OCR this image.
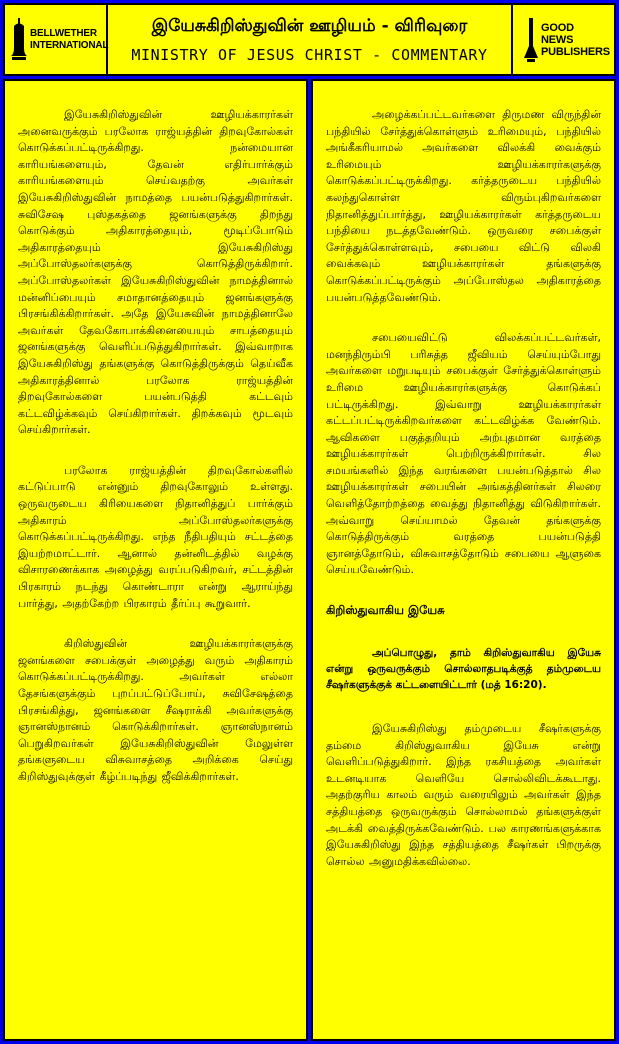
BELLWETHER INTERNATIONAL
இயேசுகிறிஸ்துவின் ஊழியம் - விரிவுரை
MINISTRY OF JESUS CHRIST - COMMENTARY
GOOD NEWS PUBLISHERS

இயேசுகிறிஸ்துவின் ஊழியக்காரர்கள் அனைவருக்கும் பரலோக ராஜ்யத்தின் திறவுகோல்கள் கொடுக்கப்பட்டிருக்கிறது. நன்மையான காரியங்களையும், தேவன் எதிர்பார்க்கும் காரியங்களையும் செய்வதற்கு அவர்கள் இயேசுகிறிஸ்துவின் நாமத்தை பயன்படுத்துகிறார்கள். சுவிசேஷ புஸ்தகத்தை ஜனங்களுக்கு திறந்து கொடுக்கும் அதிகாரத்தையும், மூடிப்போடும் அதிகாரத்தையும் இயேசுகிறிஸ்து அப்போஸ்தலர்களுக்கு கொடுத்திருக்கிறார். அப்போஸ்தலர்கள் இயேசுகிறிஸ்துவின் நாமத்தினால் மன்னிப்பையும் சமாதானத்தையும் ஜனங்களுக்கு பிரசங்கிக்கிறார்கள். அதே இயேசுவின் நாமத்தினாலே அவர்கள் தேவகோபாக்கினையையும் சாபத்தையும் ஜனங்களுக்கு வெளிப்படுத்துகிறார்கள். இவ்வாறாக இயேசுகிறிஸ்து தங்களுக்கு கொடுத்திருக்கும் தெய்வீக அதிகாரத்தினால் பரலோக ராஜ்யத்தின் திறவுகோல்களை பயன்படுத்தி கட்டவும் கட்டவிழ்க்கவும் செய்கிறார்கள். திறக்கவும் மூடவும் செய்கிறார்கள்.

பரலோக ராஜ்யத்தின் திறவுகோல்களில் கட்டுப்பாடு என்னும் திறவுகோலும் உள்ளது. ஒருவருடைய கிரியைகளை நிதானித்துப் பார்க்கும் அதிகாரம் அப்போஸ்தலர்களுக்கு கொடுக்கப்பட்டிருக்கிறது. எந்த நீதிபதியும் சட்டத்தை இயற்றமாட்டார். ஆனால் தன்னிடத்தில் வழக்கு விசாரணைக்காக அழைத்து வரப்படுகிறவர், சட்டத்தின் பிரகாரம் நடந்து கொண்டாரா என்று ஆராய்ந்து பார்த்து, அதற்கேற்ற பிரகாரம் தீர்ப்பு கூறுவார்.

கிறிஸ்துவின் ஊழியக்காரர்களுக்கு ஜனங்களை சபைக்குள் அழைத்து வரும் அதிகாரம் கொடுக்கப்பட்டிருக்கிறது. அவர்கள் எல்லா தேசங்களுக்கும் புறப்பட்டுப்போய், சுவிசேஷத்தை பிரசங்கித்து, ஜனங்களை சீஷராக்கி அவர்களுக்கு ஞானஸ்நானம் கொடுக்கிறார்கள். ஞானஸ்நானம் பெறுகிறவர்கள் இயேசுகிறிஸ்துவின் மேலுள்ள தங்களுடைய விசுவாசத்தை அறிக்கை செய்து கிறிஸ்துவுக்குள் கீழ்ப்படிந்து ஜீவிக்கிறார்கள்.

அழைக்கப்பட்டவர்களை திருமண விருந்தின் பந்தியில் சேர்த்துக்கொள்ளும் உரிமையும், பந்தியில் அங்கீகரியாமல் அவர்களை விலக்கி வைக்கும் உரிமையும் ஊழியக்காரர்களுக்கு கொடுக்கப்பட்டிருக்கிறது. கர்த்தருடைய பந்தியில் கலந்துகொள்ள விரும்புகிறவர்களை நிதானித்துப்பார்த்து, ஊழியக்காரர்கள் கர்த்தருடைய பந்தியை நடத்தவேண்டும். ஒருவரை சபைக்குள் சேர்த்துக்கொள்ளவும், சபையை விட்டு விலகி வைக்கவும் ஊழியக்காரர்கள் தங்களுக்கு கொடுக்கப்பட்டிருக்கும் அப்போஸ்தல அதிகாரத்தை பயன்படுத்தவேண்டும்.

சபையைவிட்டு விலக்கப்பட்டவர்கள், மனந்திரும்பி பரிசுத்த ஜீவியம் செய்யும்போது அவர்களை மறுபடியும் சபைக்குள் சேர்த்துக்கொள்ளும் உரிமை ஊழியக்காரர்களுக்கு கொடுக்கப் பட்டிருக்கிறது. இவ்வாறு ஊழியக்காரர்கள் கட்டப்பட்டிருக்கிறவர்களை கட்டவிழ்க்க வேண்டும். ஆவிகளை பகுத்தறியும் அற்புதமான வரத்தை ஊழியக்காரர்கள் பெற்றிருக்கிறார்கள். சில சமயங்களில் இந்த வரங்களை பயன்படுத்தால் சில ஊழியக்காரர்கள் சபையின் அங்கத்தினர்கள் சிலரை வெளித்தோற்றத்தை வைத்து நிதானித்து விடுகிறார்கள். அவ்வாறு செய்யாமல் தேவன் தங்களுக்கு கொடுத்திருக்கும் வரத்தை பயன்படுத்தி ஞானத்தோடும், விசுவாசத்தோடும் சபையை ஆளுகை செய்யவேண்டும்.

கிறிஸ்துவாகிய இயேசு

அப்பொழுது, தாம் கிறிஸ்துவாகிய இயேசு என்று ஒருவருக்கும் சொல்லாதபடிக்குத் தம்முடைய சீஷர்களுக்குக் கட்டளையிட்டார் (மத் 16:20).

இயேசுகிறிஸ்து தம்முடைய சீஷர்களுக்கு தம்மை கிறிஸ்துவாகிய இயேசு என்று வெளிப்படுத்துகிறார். இந்த ரகசியத்தை அவர்கள் உடனடியாக வெளியே சொல்லிவிடக்கூடாது. அதற்குரிய காலம் வரும் வரையிலும் அவர்கள் இந்த சத்தியத்தை ஒருவருக்கும் சொல்லாமல் தங்களுக்குள் அடக்கி வைத்திருக்கவேண்டும். பல காரணங்களுக்காக இயேசுகிறிஸ்து இந்த சத்தியத்தை சீஷர்கள் பிறருக்கு சொல்ல அனுமதிக்கவில்லை.
